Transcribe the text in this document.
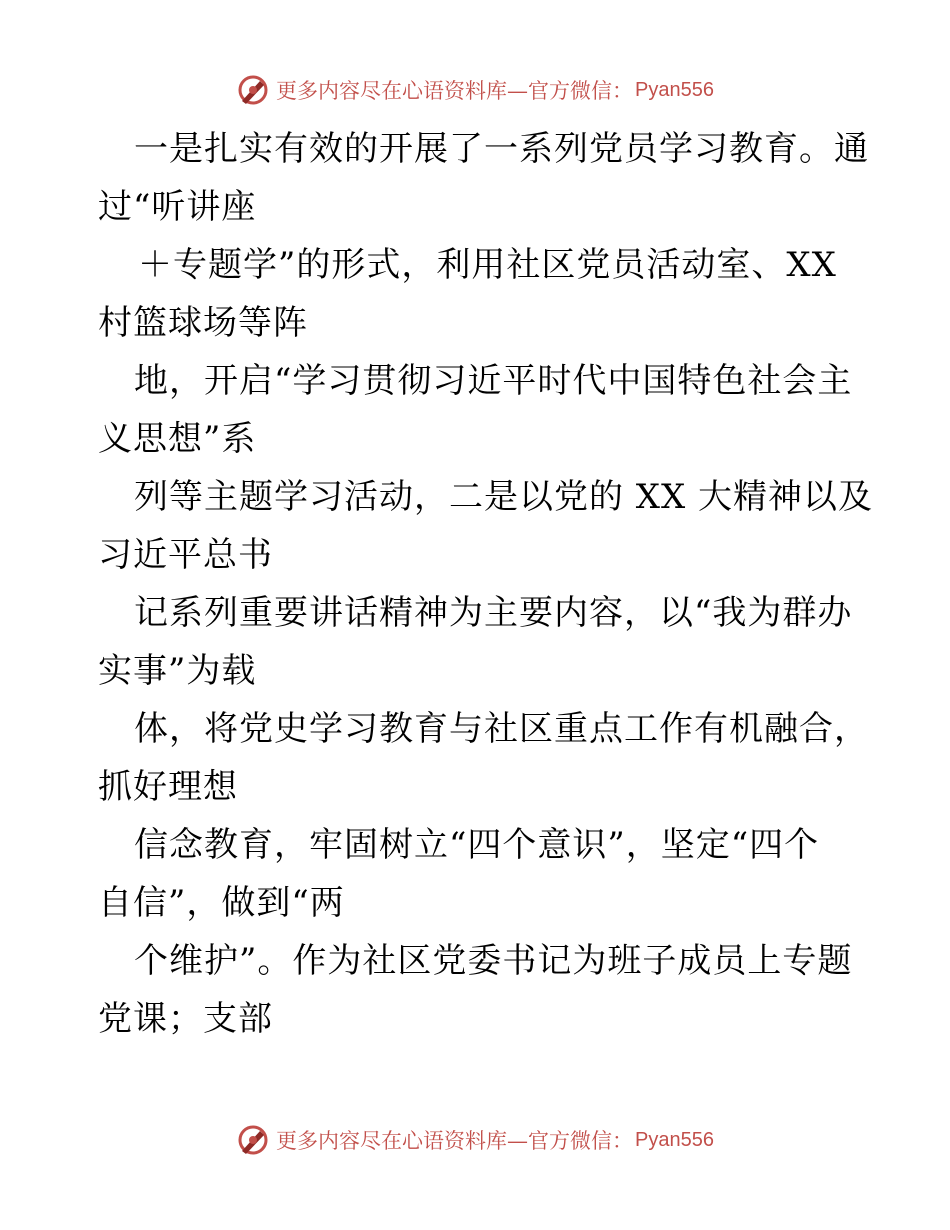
更多内容尽在心语资料库—官方微信： Pyan556
一是扎实有效的开展了一系列党员学习教育。通
过“听讲座
＋专题学”的形式，利用社区党员活动室、XX
村篮球场等阵
地，开启“学习贯彻习近平时代中国特色社会主
义思想”系
列等主题学习活动，二是以党的 XX 大精神以及
习近平总书
记系列重要讲话精神为主要内容，以“我为群办
实事”为载
体，将党史学习教育与社区重点工作有机融合，
抓好理想
信念教育，牢固树立“四个意识”，坚定“四个
自信”，做到“两
个维护”。作为社区党委书记为班子成员上专题
党课；支部
更多内容尽在心语资料库—官方微信： Pyan556
